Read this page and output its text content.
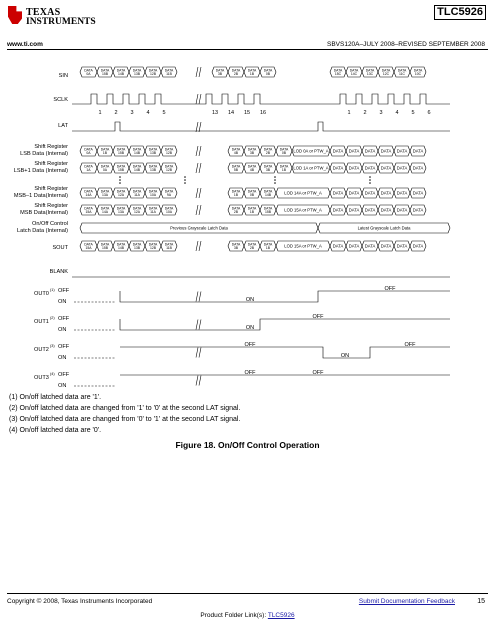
TEXAS
INSTRUMENTS
TLC5926
www.ti.com	SBVS120A–JULY 2008–REVISED SEPTEMBER 2008
SIN
SCLK
LAT
Shift Register
LSB Data (Internal)
Shift Register
LSB+1 Data (Internal)
Shift Register
MSB–1 Data(Internal)
Shift Register
MSB Data(Internal)
On/Off Control
Latch Data (Internal)
SOUT
BLANK
OUT0
(1) OFF
ON
OUT1
(2) OFF
ON
OUT2
(3) OFF
ON
OUT3
(4) OFF
ON
DATA
0A
DATA
15B
DATA
14B
DATA
13B
DATA
12B
DATA
11B
DATA
3B
DATA
2B
DATA
1B
DATA
0B
DATA
15C
DATA
14C
DATA
13C
DATA
12C
DATA
11C
DATA
10C
1 2 3 4 5	13 14 15 16	1 2 3 4 5 6
DATA
0A
DATA
1B
DATA
15B
DATA
14B
DATA
13B
DATA
12B
DATA
4B
DATA
3B
DATA
2B
DATA
0B LOD 0A or PTW_A DATA DATA DATA DATA DATA DATA
DATA
1A
DATA
0A
DATA
15B
DATA
14B
DATA
13B
DATA
12B
DATA
5B
DATA
4B
DATA
3B
DATA
1B LOD 1A or PTW_A DATA DATA DATA DATA DATA DATA
DATA
14A
DATA
13A
DATA
12A
DATA
11A
DATA
10A
DATA
9A
DATA
1B
DATA
0B
DATA
14B	LOD 14A or PTW_A	DATA DATA DATA DATA DATA DATA
DATA
15A
DATA
14A
DATA
13A
DATA
12A
DATA
11A
DATA
10A
DATA
2B
DATA
1B
DATA
15B	LOD 15A or PTW_A	DATA DATA DATA DATA DATA DATA
Previous Grayscale Latch Data	Latest Grayscale Latch Data
DATA
15A
DATA
15B
DATA
14B
DATA
13B
DATA
12B
DATA
11B
DATA
3B
DATA
2B
DATA
1B	LOD 15A or PTW_A	DATA DATA DATA DATA DATA DATA
ON
OFF
ON
OFF
OFF
ON
OFF
OFF	OFF
(1) On/off latched data are '1'.
(2) On/off latched data are changed from '1' to '0' at the second LAT signal.
(3) On/off latched data are changed from '0' to '1' at the second LAT signal.
(4) On/off latched data are '0'.
Figure 18. On/Off Control Operation
Copyright © 2008, Texas Instruments Incorporated	Submit Documentation Feedback	15
Product Folder Link(s): TLC5926
